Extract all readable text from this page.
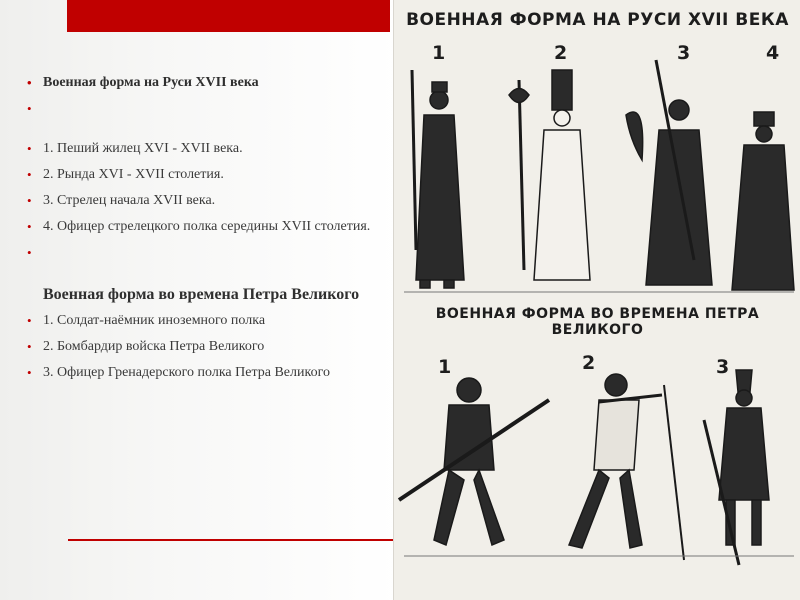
• Военная форма на Руси XVII века
•
• 1. Пеший жилец XVI - XVII века.
• 2. Рында XVI - XVII столетия.
• 3. Стрелец начала XVII века.
• 4. Офицер стрелецкого полка середины XVII столетия.
•
Военная форма во времена Петра Великого
• 1. Солдат-наёмник иноземного полка
• 2. Бомбардир войска Петра Великого
• 3. Офицер Гренадерского полка Петра Великого
ВОЕННАЯ ФОРМА НА РУСИ XVII ВЕКА
1	2	3	4
ВОЕННАЯ ФОРМА ВО ВРЕМЕНА ПЕТРА ВЕЛИКОГО
1	2	3
